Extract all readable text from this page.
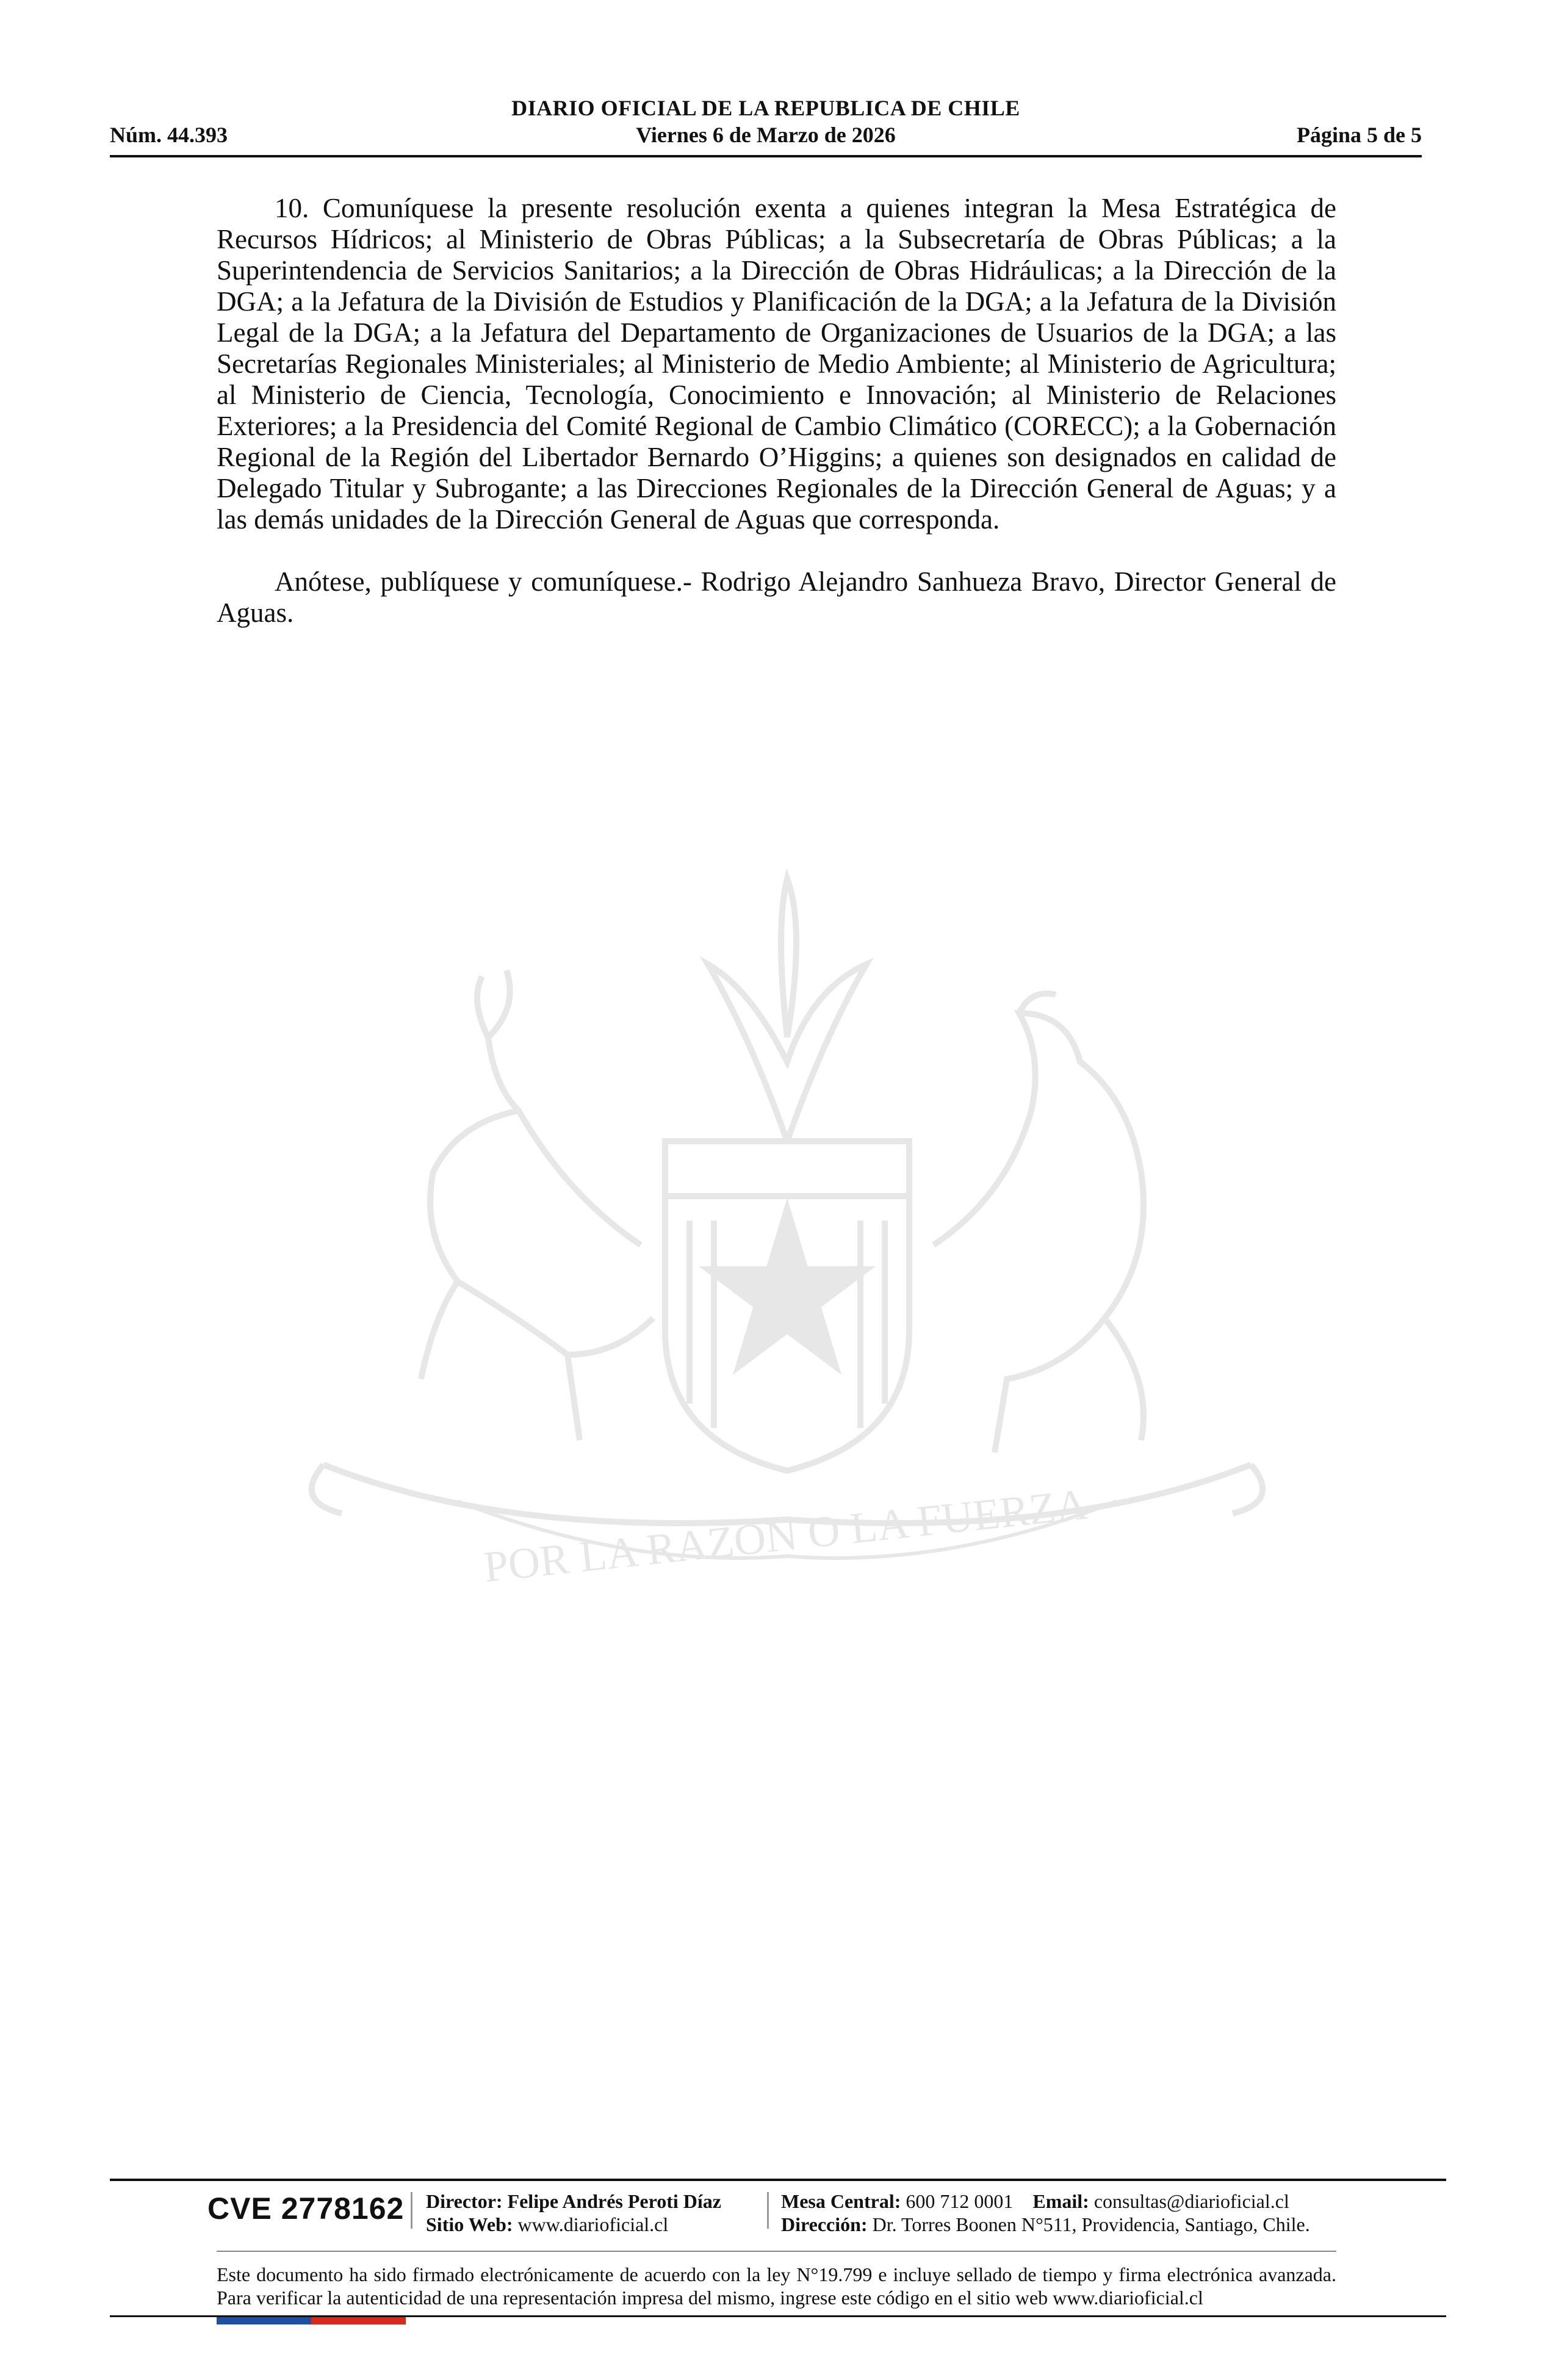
DIARIO OFICIAL DE LA REPUBLICA DE CHILE
Núm. 44.393	Viernes 6 de Marzo de 2026	Página 5 de 5
POR LA RAZON O LA FUERZA

10. Comuníquese la presente resolución exenta a quienes integran la Mesa Estratégica de Recursos Hídricos; al Ministerio de Obras Públicas; a la Subsecretaría de Obras Públicas; a la Superintendencia de Servicios Sanitarios; a la Dirección de Obras Hidráulicas; a la Dirección de la DGA; a la Jefatura de la División de Estudios y Planificación de la DGA; a la Jefatura de la División Legal de la DGA; a la Jefatura del Departamento de Organizaciones de Usuarios de la DGA; a las Secretarías Regionales Ministeriales; al Ministerio de Medio Ambiente; al Ministerio de Agricultura; al Ministerio de Ciencia, Tecnología, Conocimiento e Innovación; al Ministerio de Relaciones Exteriores; a la Presidencia del Comité Regional de Cambio Climático (CORECC); a la Gobernación Regional de la Región del Libertador Bernardo O’Higgins; a quienes son designados en calidad de Delegado Titular y Subrogante; a las Direcciones Regionales de la Dirección General de Aguas; y a las demás unidades de la Dirección General de Aguas que corresponda.

Anótese, publíquese y comuníquese.- Rodrigo Alejandro Sanhueza Bravo, Director General de Aguas.

CVE 2778162 Director: Felipe Andrés Peroti Díaz
Sitio Web: www.diarioficial.cl
Mesa Central: 600 712 0001 Email: consultas@diarioficial.cl
Dirección: Dr. Torres Boonen N°511, Providencia, Santiago, Chile.
Este documento ha sido firmado electrónicamente de acuerdo con la ley N°19.799 e incluye sellado de tiempo y firma electrónica avanzada. Para verificar la autenticidad de una representación impresa del mismo, ingrese este código en el sitio web www.diarioficial.cl
